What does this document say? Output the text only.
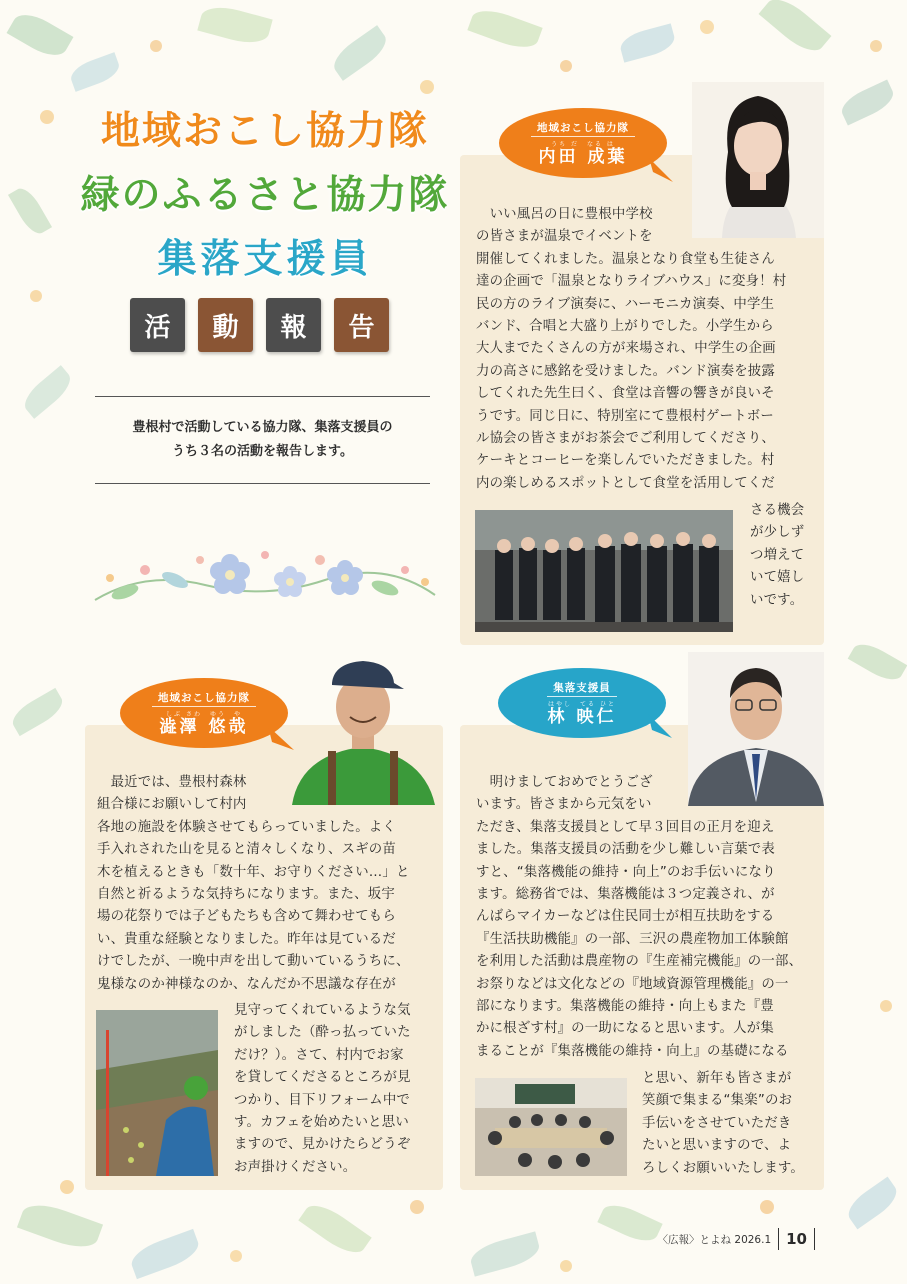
地域おこし協力隊
緑のふるさと協力隊
集落支援員
活	動	報	告

豊根村で活動している協力隊、集落支援員の

うち３名の活動を報告します。

地域おこし協力隊
うち だ　なる は
内田 成葉

　いい風呂の日に豊根中学校

の皆さまが温泉でイベントを

開催してくれました。温泉となり食堂も生徒さん

達の企画で「温泉となりライブハウス」に変身！村

民の方のライブ演奏に、ハーモニカ演奏、中学生

バンド、合唱と大盛り上がりでした。小学生から

大人までたくさんの方が来場され、中学生の企画

力の高さに感銘を受けました。バンド演奏を披露

してくれた先生曰く、食堂は音響の響きが良いそ

うです。同じ日に、特別室にて豊根村ゲートボー

ル協会の皆さまがお茶会でご利用してくださり、

ケーキとコーヒーを楽しんでいただきました。村

内の楽しめるスポットとして食堂を活用してくだ

さる機会

が少しず

つ増えて

いて嬉し

いです。

地域おこし協力隊
しぶ さわ　ゆう　や
澁澤 悠哉

　最近では、豊根村森林

組合様にお願いして村内

各地の施設を体験させてもらっていました。よく

手入れされた山を見ると清々しくなり、スギの苗

木を植えるときも「数十年、お守りください…」と

自然と祈るような気持ちになります。また、坂宇

場の花祭りでは子どもたちも含めて舞わせてもら

い、貴重な経験となりました。昨年は見ているだ

けでしたが、一晩中声を出して動いているうちに、

鬼様なのか神様なのか、なんだか不思議な存在が

見守ってくれているような気

がしました（酔っ払っていた

だけ？）。さて、村内でお家

を貸してくださるところが見

つかり、目下リフォーム中で

す。カフェを始めたいと思い

ますので、見かけたらどうぞ

お声掛けください。

集落支援員
はやし　てる ひと
林 映仁

　明けましておめでとうござ

います。皆さまから元気をい

ただき、集落支援員として早３回目の正月を迎え

ました。集落支援員の活動を少し難しい言葉で表

すと、“集落機能の維持・向上”のお手伝いになり

ます。総務省では、集落機能は３つ定義され、が

んばらマイカーなどは住民同士が相互扶助をする

『生活扶助機能』の一部、三沢の農産物加工体験館

を利用した活動は農産物の『生産補完機能』の一部、

お祭りなどは文化などの『地域資源管理機能』の一

部になります。集落機能の維持・向上もまた『豊

かに根ざす村』の一助になると思います。人が集

まることが『集落機能の維持・向上』の基礎になる

と思い、新年も皆さまが

笑顔で集まる“集楽”のお

手伝いをさせていただき

たいと思いますので、よ

ろしくお願いいたします。

〈広報〉とよね 2026.1 10
